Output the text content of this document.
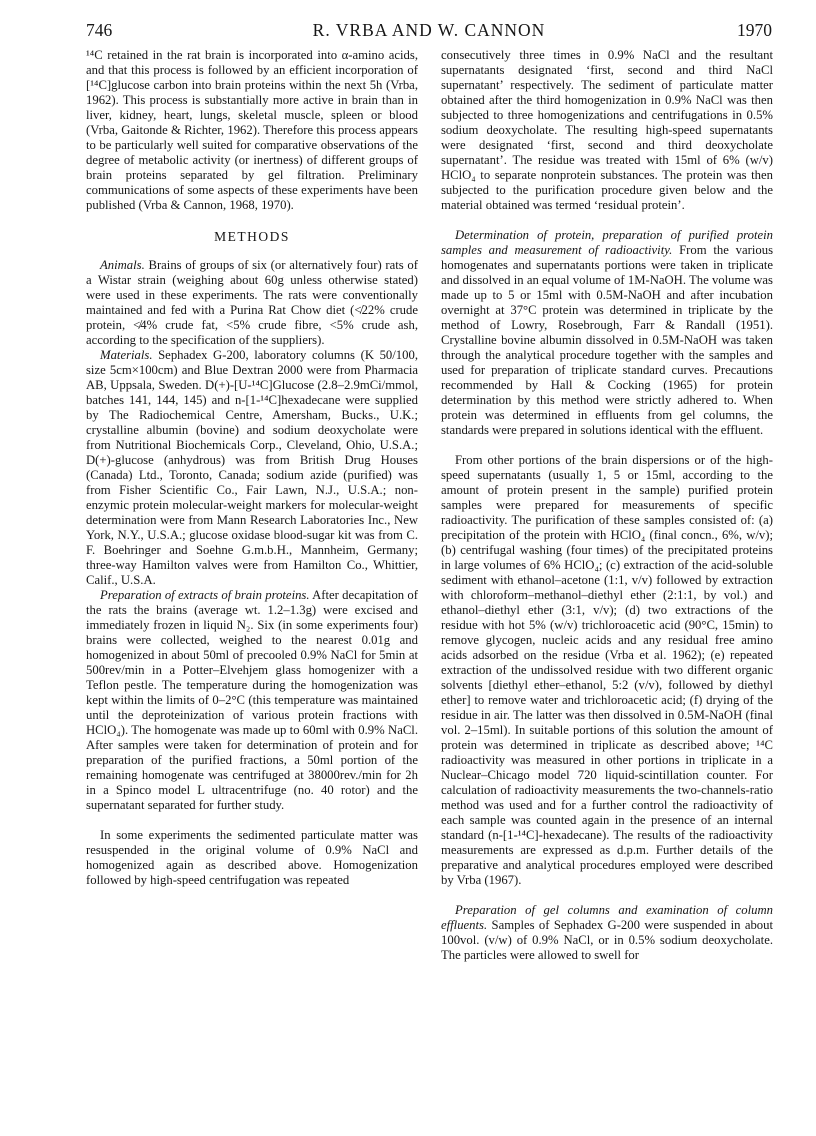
746	R. VRBA AND W. CANNON	1970

¹⁴C retained in the rat brain is incorporated into α-amino acids, and that this process is followed by an efficient incorporation of [¹⁴C]glucose carbon into brain proteins within the next 5h (Vrba, 1962). This process is substantially more active in brain than in liver, kidney, heart, lungs, skeletal muscle, spleen or blood (Vrba, Gaitonde & Richter, 1962). Therefore this process appears to be particularly well suited for comparative observations of the degree of metabolic activity (or inertness) of different groups of brain proteins separated by gel filtration. Preliminary communications of some aspects of these experiments have been published (Vrba & Cannon, 1968, 1970).

METHODS

Animals. Brains of groups of six (or alternatively four) rats of a Wistar strain (weighing about 60g unless otherwise stated) were used in these experiments. The rats were conventionally maintained and fed with a Purina Rat Chow diet (≮22% crude protein, ≮4% crude fat, <5% crude fibre, <5% crude ash, according to the specification of the suppliers).

Materials. Sephadex G-200, laboratory columns (K 50/100, size 5cm×100cm) and Blue Dextran 2000 were from Pharmacia AB, Uppsala, Sweden. D(+)-[U-¹⁴C]Glucose (2.8–2.9mCi/mmol, batches 141, 144, 145) and n-[1-¹⁴C]hexadecane were supplied by The Radiochemical Centre, Amersham, Bucks., U.K.; crystalline albumin (bovine) and sodium deoxycholate were from Nutritional Biochemicals Corp., Cleveland, Ohio, U.S.A.; D(+)-glucose (anhydrous) was from British Drug Houses (Canada) Ltd., Toronto, Canada; sodium azide (purified) was from Fisher Scientific Co., Fair Lawn, N.J., U.S.A.; non-enzymic protein molecular-weight markers for molecular-weight determination were from Mann Research Laboratories Inc., New York, N.Y., U.S.A.; glucose oxidase blood-sugar kit was from C. F. Boehringer and Soehne G.m.b.H., Mannheim, Germany; three-way Hamilton valves were from Hamilton Co., Whittier, Calif., U.S.A.

Preparation of extracts of brain proteins. After decapitation of the rats the brains (average wt. 1.2–1.3g) were excised and immediately frozen in liquid N₂. Six (in some experiments four) brains were collected, weighed to the nearest 0.01g and homogenized in about 50ml of precooled 0.9% NaCl for 5min at 500rev/min in a Potter–Elvehjem glass homogenizer with a Teflon pestle. The temperature during the homogenization was kept within the limits of 0–2°C (this temperature was maintained until the deproteinization of various protein fractions with HClO₄). The homogenate was made up to 60ml with 0.9% NaCl. After samples were taken for determination of protein and for preparation of the purified fractions, a 50ml portion of the remaining homogenate was centrifuged at 38000rev./min for 2h in a Spinco model L ultracentrifuge (no. 40 rotor) and the supernatant separated for further study.

In some experiments the sedimented particulate matter was resuspended in the original volume of 0.9% NaCl and homogenized again as described above. Homogenization followed by high-speed centrifugation was repeated

consecutively three times in 0.9% NaCl and the resultant supernatants designated ‘first, second and third NaCl supernatant’ respectively. The sediment of particulate matter obtained after the third homogenization in 0.9% NaCl was then subjected to three homogenizations and centrifugations in 0.5% sodium deoxycholate. The resulting high-speed supernatants were designated ‘first, second and third deoxycholate supernatant’. The residue was treated with 15ml of 6% (w/v) HClO₄ to separate nonprotein substances. The protein was then subjected to the purification procedure given below and the material obtained was termed ‘residual protein’.

Determination of protein, preparation of purified protein samples and measurement of radioactivity. From the various homogenates and supernatants portions were taken in triplicate and dissolved in an equal volume of 1M-NaOH. The volume was made up to 5 or 15ml with 0.5M-NaOH and after incubation overnight at 37°C protein was determined in triplicate by the method of Lowry, Rosebrough, Farr & Randall (1951). Crystalline bovine albumin dissolved in 0.5M-NaOH was taken through the analytical procedure together with the samples and used for preparation of triplicate standard curves. Precautions recommended by Hall & Cocking (1965) for protein determination by this method were strictly adhered to. When protein was determined in effluents from gel columns, the standards were prepared in solutions identical with the effluent.

From other portions of the brain dispersions or of the high-speed supernatants (usually 1, 5 or 15ml, according to the amount of protein present in the sample) purified protein samples were prepared for measurements of specific radioactivity. The purification of these samples consisted of: (a) precipitation of the protein with HClO₄ (final concn., 6%, w/v); (b) centrifugal washing (four times) of the precipitated proteins in large volumes of 6% HClO₄; (c) extraction of the acid-soluble sediment with ethanol–acetone (1:1, v/v) followed by extraction with chloroform–methanol–diethyl ether (2:1:1, by vol.) and ethanol–diethyl ether (3:1, v/v); (d) two extractions of the residue with hot 5% (w/v) trichloroacetic acid (90°C, 15min) to remove glycogen, nucleic acids and any residual free amino acids adsorbed on the residue (Vrba et al. 1962); (e) repeated extraction of the undissolved residue with two different organic solvents [diethyl ether–ethanol, 5:2 (v/v), followed by diethyl ether] to remove water and trichloroacetic acid; (f) drying of the residue in air. The latter was then dissolved in 0.5M-NaOH (final vol. 2–15ml). In suitable portions of this solution the amount of protein was determined in triplicate as described above; ¹⁴C radioactivity was measured in other portions in triplicate in a Nuclear–Chicago model 720 liquid-scintillation counter. For calculation of radioactivity measurements the two-channels-ratio method was used and for a further control the radioactivity of each sample was counted again in the presence of an internal standard (n-[1-¹⁴C]-hexadecane). The results of the radioactivity measurements are expressed as d.p.m. Further details of the preparative and analytical procedures employed were described by Vrba (1967).

Preparation of gel columns and examination of column effluents. Samples of Sephadex G-200 were suspended in about 100vol. (v/w) of 0.9% NaCl, or in 0.5% sodium deoxycholate. The particles were allowed to swell for
